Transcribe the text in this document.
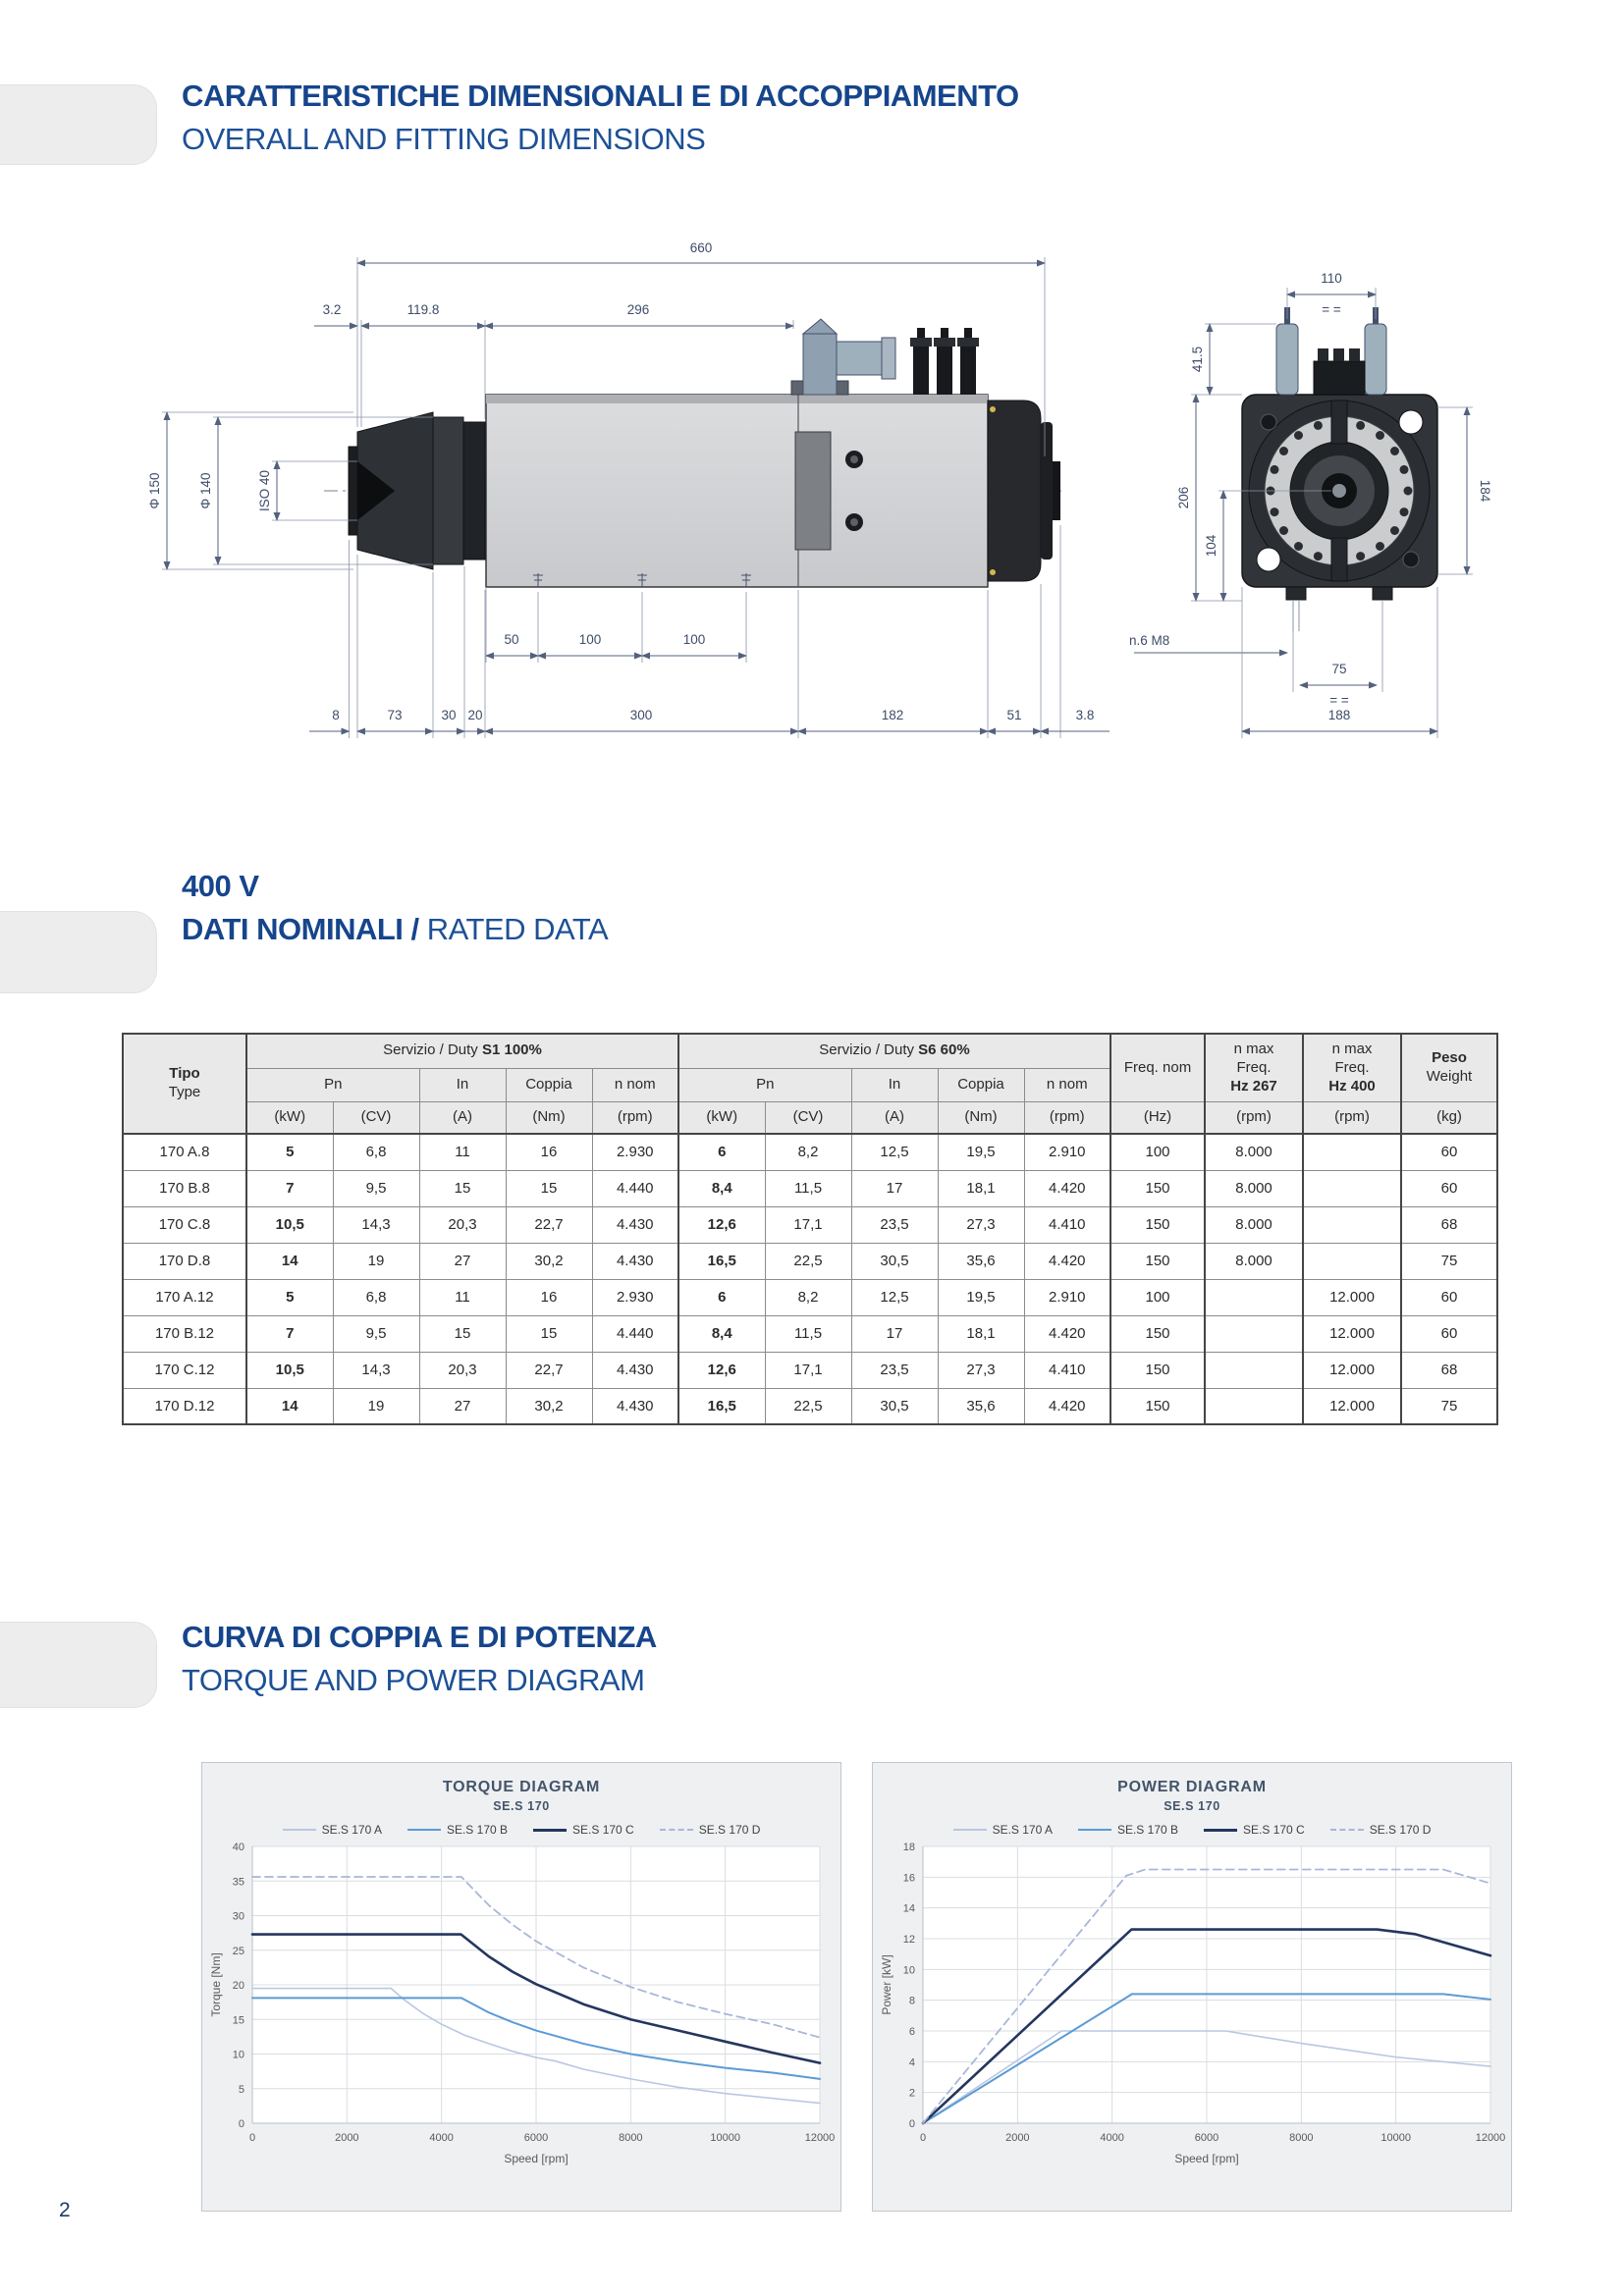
CARATTERISTICHE DIMENSIONALI E DI ACCOPPIAMENTO
OVERALL AND FITTING DIMENSIONS
660
3.2	119.8	296
Φ 150	Φ 140	ISO 40
50	100	100
8	73	30 20	300	182	51	3.8
110
= =
41.5
206
104
184
n.6 M8
75
= =
188
400 V
DATI NOMINALI / RATED DATA
Tipo
Type	Servizio / Duty S1 100%					Servizio / Duty S6 60%					Freq. nom	n max
Freq.
Hz 267	n max
Freq.
Hz 400	Peso
Weight
	Pn		In	Coppia	n nom	Pn		In	Coppia	n nom				
	(kW)	(CV)	(A)	(Nm)	(rpm)	(kW)	(CV)	(A)	(Nm)	(rpm)	(Hz)	(rpm)	(rpm)	(kg)
170 A.8	5	6,8	11	16	2.930	6	8,2	12,5	19,5	2.910	100	8.000		60
170 B.8	7	9,5	15	15	4.440	8,4	11,5	17	18,1	4.420	150	8.000		60
170 C.8	10,5	14,3	20,3	22,7	4.430	12,6	17,1	23,5	27,3	4.410	150	8.000		68
170 D.8	14	19	27	30,2	4.430	16,5	22,5	30,5	35,6	4.420	150	8.000		75
170 A.12	5	6,8	11	16	2.930	6	8,2	12,5	19,5	2.910	100		12.000	60
170 B.12	7	9,5	15	15	4.440	8,4	11,5	17	18,1	4.420	150		12.000	60
170 C.12	10,5	14,3	20,3	22,7	4.430	12,6	17,1	23,5	27,3	4.410	150		12.000	68
170 D.12	14	19	27	30,2	4.430	16,5	22,5	30,5	35,6	4.420	150		12.000	75
CURVA DI COPPIA E DI POTENZA
TORQUE AND POWER DIAGRAM
TORQUE DIAGRAM
SE.S 170
SE.S 170 A	SE.S 170 B	SE.S 170 C	SE.S 170 D
0	2000	4000	6000	8000	10000	12000
0
5
10
15
20
25
30
35
40
Speed [rpm]
Torque [Nm]
POWER DIAGRAM
SE.S 170
SE.S 170 A	SE.S 170 B	SE.S 170 C	SE.S 170 D
0	2000	4000	6000	8000	10000	12000
0
2
4
6
8
10
12
14
16
18
Speed [rpm]
Power [kW]
2
